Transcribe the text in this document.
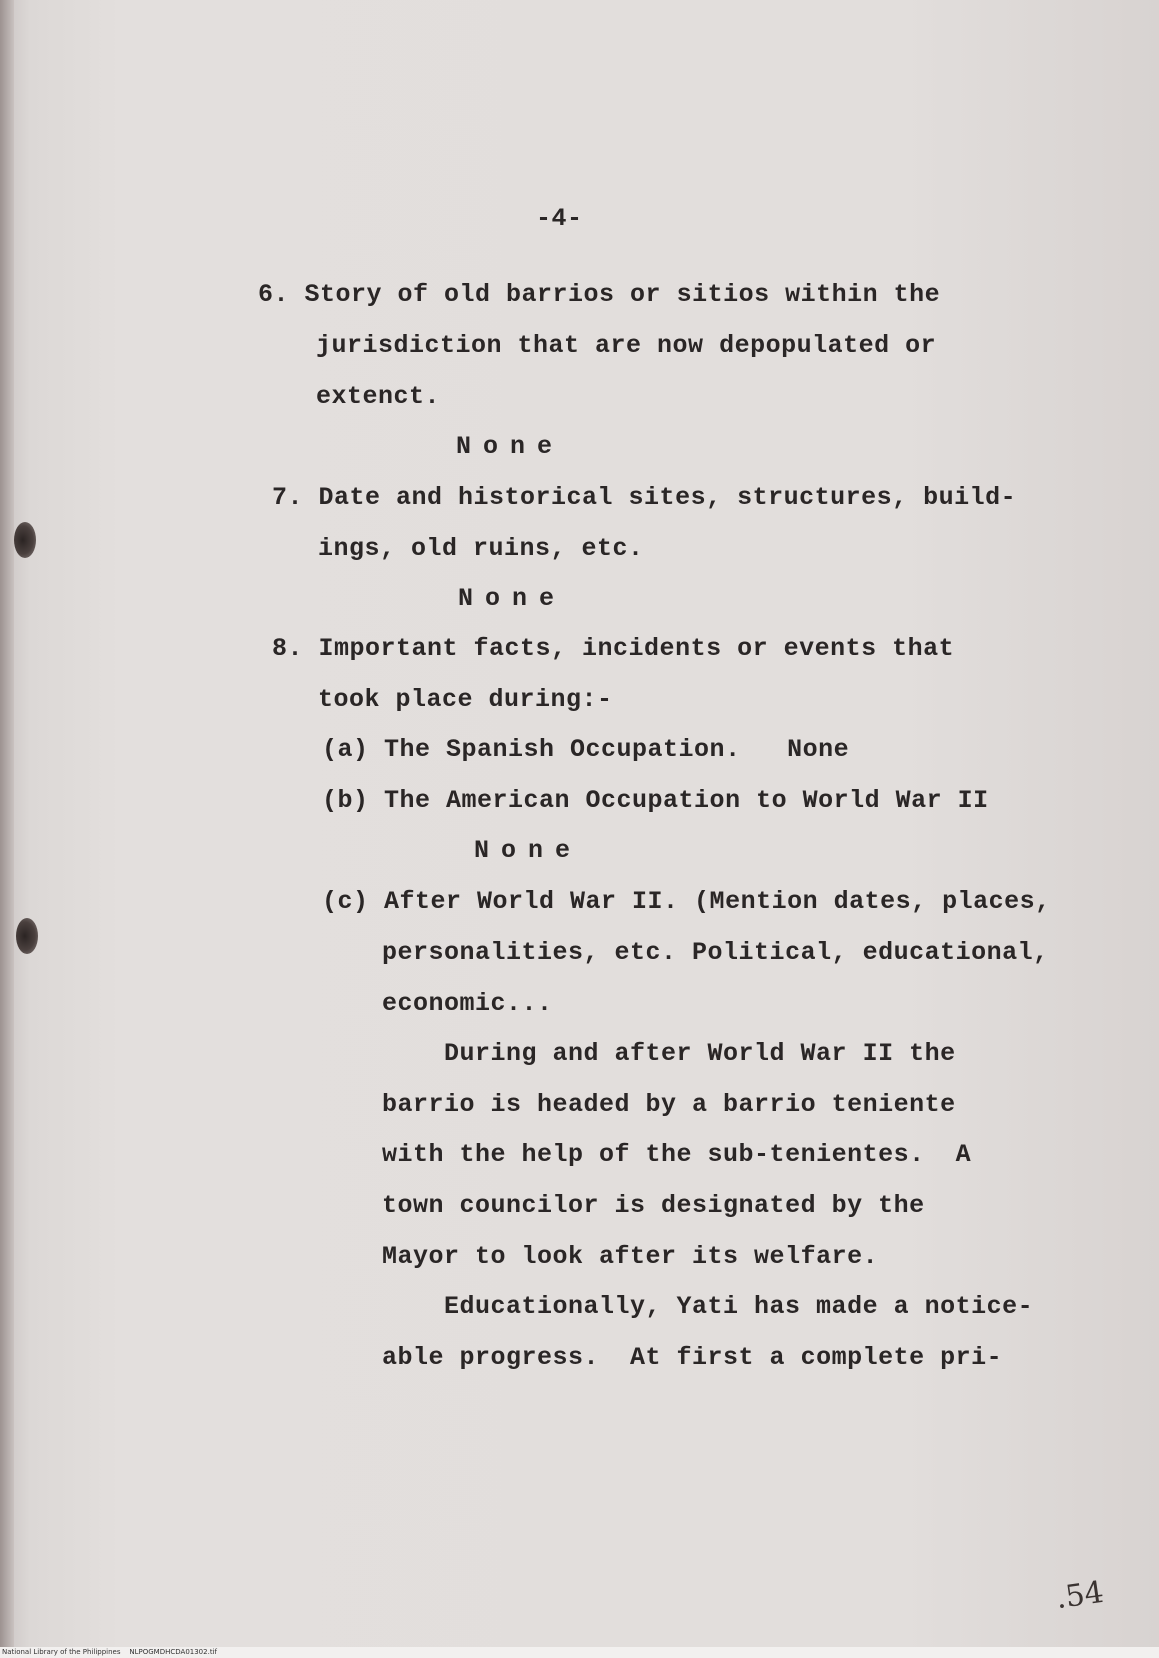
-4-
6. Story of old barrios or sitios within the
jurisdiction that are now depopulated or
extenct.
None
7. Date and historical sites, structures, build-
ings, old ruins, etc.
None
8. Important facts, incidents or events that
took place during:-
(a) The Spanish Occupation.   None
(b) The American Occupation to World War II
None
(c) After World War II. (Mention dates, places,
personalities, etc. Political, educational,
economic...
During and after World War II the
barrio is headed by a barrio teniente
with the help of the sub-tenientes.  A
town councilor is designated by the
Mayor to look after its welfare.
Educationally, Yati has made a notice-
able progress.  At first a complete pri-
.54
National Library of the Philippines    NLPOGMDHCDA01302.tif
